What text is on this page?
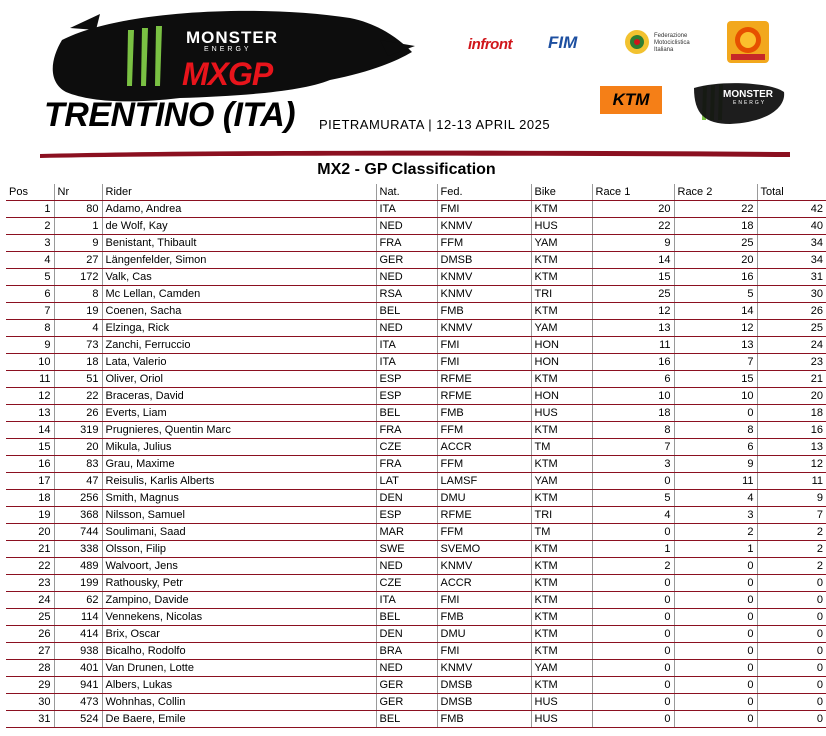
MONSTER
ENERGY
MXGP
TRENTINO (ITA) PIETRAMURATA | 12-13 APRIL 2025
infront FIM	Federazione Motociclistica Italiana
KTM	MONSTER
ENERGY
MX2 - GP Classification
Pos	Nr	Rider	Nat.	Fed.	Bike	Race 1	Race 2	Total
1	80	Adamo, Andrea	ITA	FMI	KTM	20	22	42
2	1	de Wolf, Kay	NED	KNMV	HUS	22	18	40
3	9	Benistant, Thibault	FRA	FFM	YAM	9	25	34
4	27	Längenfelder, Simon	GER	DMSB	KTM	14	20	34
5	172	Valk, Cas	NED	KNMV	KTM	15	16	31
6	8	Mc Lellan, Camden	RSA	KNMV	TRI	25	5	30
7	19	Coenen, Sacha	BEL	FMB	KTM	12	14	26
8	4	Elzinga, Rick	NED	KNMV	YAM	13	12	25
9	73	Zanchi, Ferruccio	ITA	FMI	HON	11	13	24
10	18	Lata, Valerio	ITA	FMI	HON	16	7	23
11	51	Oliver, Oriol	ESP	RFME	KTM	6	15	21
12	22	Braceras, David	ESP	RFME	HON	10	10	20
13	26	Everts, Liam	BEL	FMB	HUS	18	0	18
14	319	Prugnieres, Quentin Marc	FRA	FFM	KTM	8	8	16
15	20	Mikula, Julius	CZE	ACCR	TM	7	6	13
16	83	Grau, Maxime	FRA	FFM	KTM	3	9	12
17	47	Reisulis, Karlis Alberts	LAT	LAMSF	YAM	0	11	11
18	256	Smith, Magnus	DEN	DMU	KTM	5	4	9
19	368	Nilsson, Samuel	ESP	RFME	TRI	4	3	7
20	744	Soulimani, Saad	MAR	FFM	TM	0	2	2
21	338	Olsson, Filip	SWE	SVEMO	KTM	1	1	2
22	489	Walvoort, Jens	NED	KNMV	KTM	2	0	2
23	199	Rathousky, Petr	CZE	ACCR	KTM	0	0	0
24	62	Zampino, Davide	ITA	FMI	KTM	0	0	0
25	114	Vennekens, Nicolas	BEL	FMB	KTM	0	0	0
26	414	Brix, Oscar	DEN	DMU	KTM	0	0	0
27	938	Bicalho, Rodolfo	BRA	FMI	KTM	0	0	0
28	401	Van Drunen, Lotte	NED	KNMV	YAM	0	0	0
29	941	Albers, Lukas	GER	DMSB	KTM	0	0	0
30	473	Wohnhas, Collin	GER	DMSB	HUS	0	0	0
31	524	De Baere, Emile	BEL	FMB	HUS	0	0	0
